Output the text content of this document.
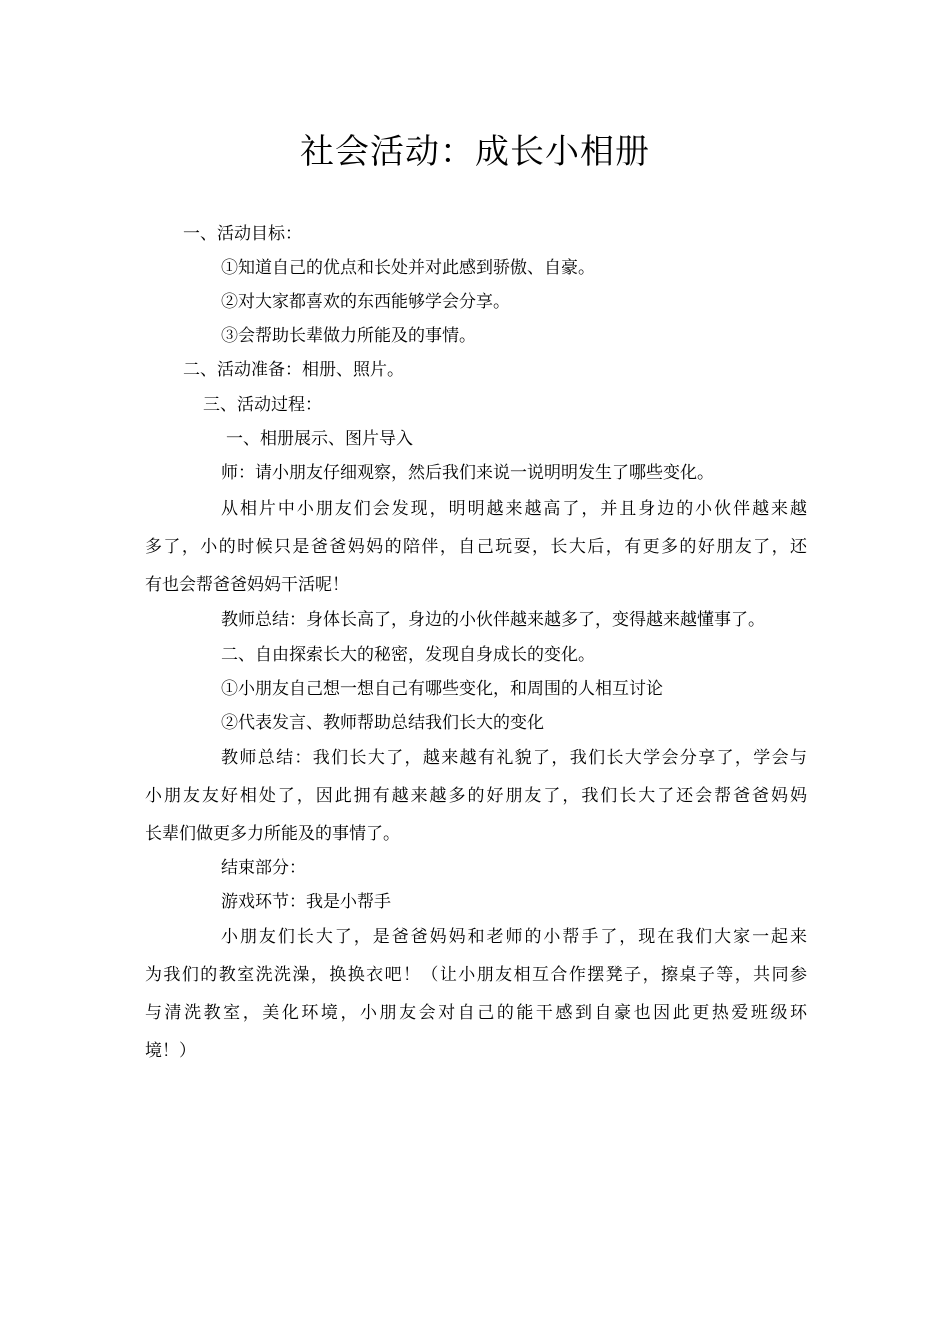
社会活动：成长小相册
一、活动目标：
①知道自己的优点和长处并对此感到骄傲、自豪。
②对大家都喜欢的东西能够学会分享。
③会帮助长辈做力所能及的事情。
二、活动准备：相册、照片。
三、活动过程：
一、相册展示、图片导入
师：请小朋友仔细观察，然后我们来说一说明明发生了哪些变化。
从相片中小朋友们会发现，明明越来越高了，并且身边的小伙伴越来越
多了，小的时候只是爸爸妈妈的陪伴，自己玩耍，长大后，有更多的好朋友了，还
有也会帮爸爸妈妈干活呢！
教师总结：身体长高了，身边的小伙伴越来越多了，变得越来越懂事了。
二、自由探索长大的秘密，发现自身成长的变化。
①小朋友自己想一想自己有哪些变化，和周围的人相互讨论
②代表发言、教师帮助总结我们长大的变化
教师总结：我们长大了，越来越有礼貌了，我们长大学会分享了，学会与
小朋友友好相处了，因此拥有越来越多的好朋友了，我们长大了还会帮爸爸妈妈
长辈们做更多力所能及的事情了。
结束部分：
游戏环节：我是小帮手
小朋友们长大了，是爸爸妈妈和老师的小帮手了，现在我们大家一起来
为我们的教室洗洗澡，换换衣吧！（让小朋友相互合作摆凳子，擦桌子等，共同参
与清洗教室，美化环境，小朋友会对自己的能干感到自豪也因此更热爱班级环
境！）
